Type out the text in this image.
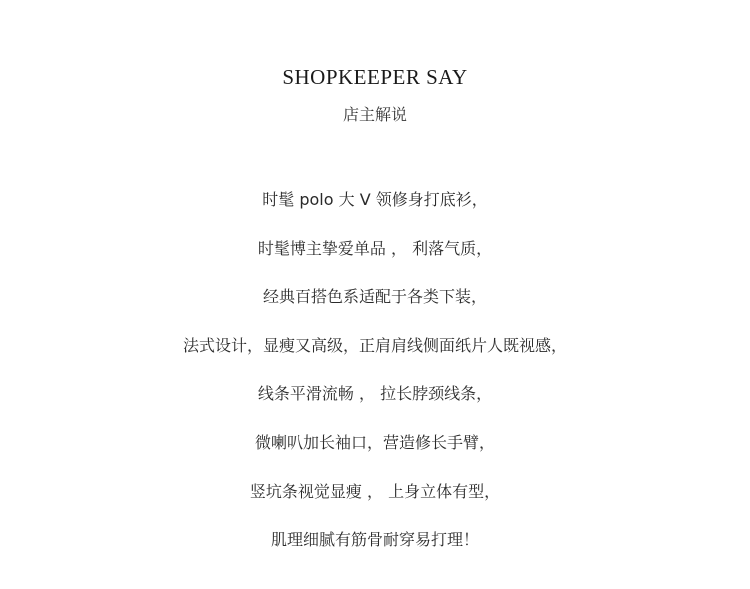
SHOPKEEPER SAY
店主解说
时髦 polo 大 V 领修身打底衫，
时髦博主挚爱单品 ， 利落气质，
经典百搭色系适配于各类下装，
法式设计，显瘦又高级，正肩肩线侧面纸片人既视感，
线条平滑流畅 ， 拉长脖颈线条，
微喇叭加长袖口，营造修长手臂，
竖坑条视觉显瘦 ， 上身立体有型，
肌理细腻有筋骨耐穿易打理！
